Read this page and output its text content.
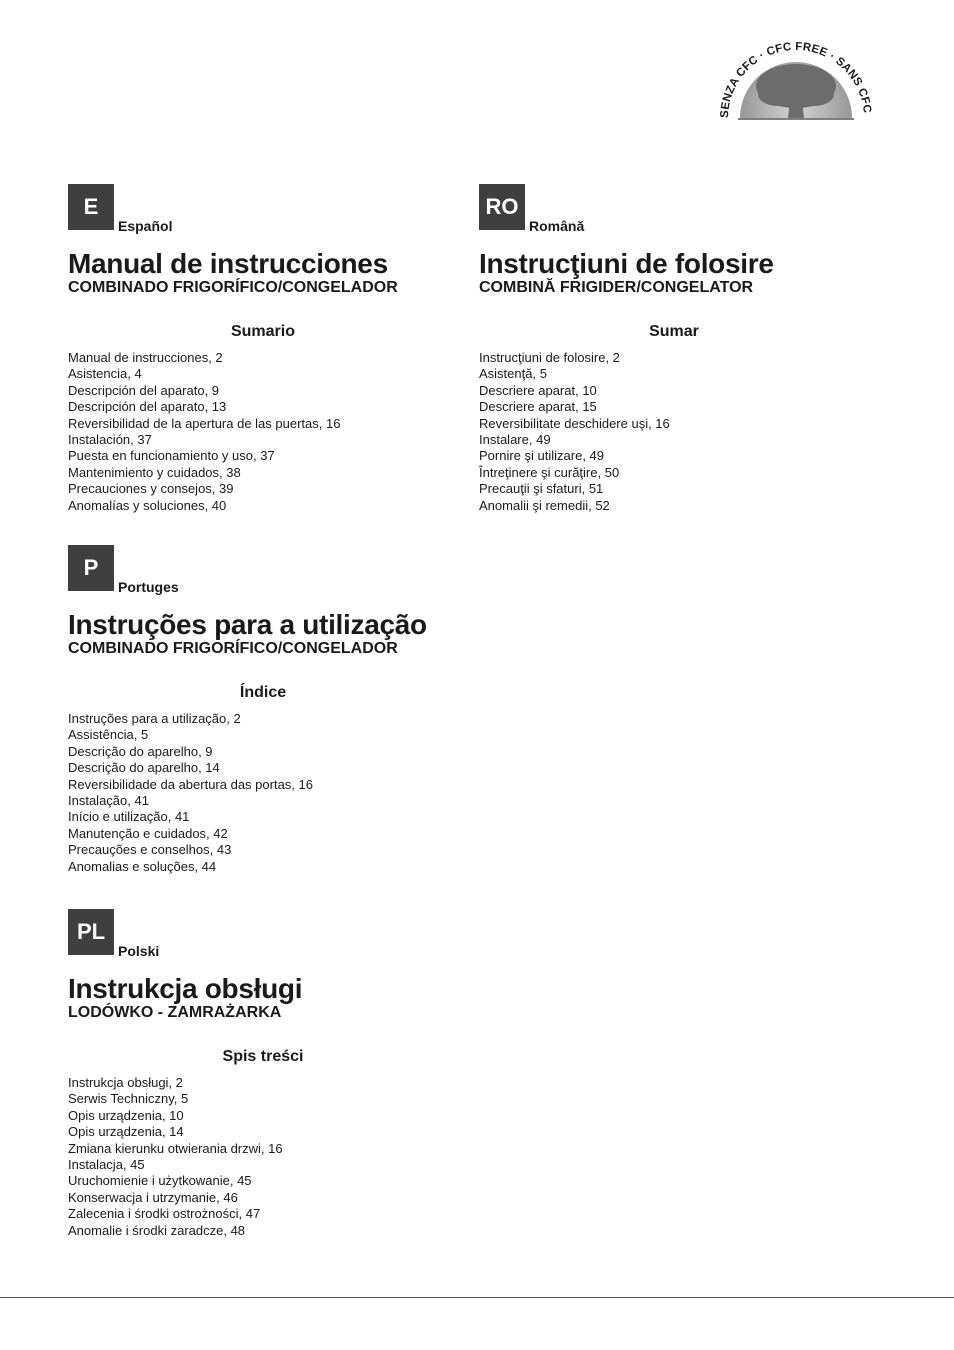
SENZA CFC · CFC FREE · SANS CFC
E
Español
Manual de instrucciones
COMBINADO FRIGORÍFICO/CONGELADOR
Sumario
Manual de instrucciones, 2
Asistencia, 4
Descripción del aparato, 9
Descripción del aparato, 13
Reversibilidad de la apertura de las puertas, 16
Instalación, 37
Puesta en funcionamiento y uso, 37
Mantenimiento y cuidados, 38
Precauciones y consejos, 39
Anomalías y soluciones, 40
RO
Română
Instrucţiuni de folosire
COMBINĂ FRIGIDER/CONGELATOR
Sumar
Instrucţiuni de folosire, 2
Asistenţă, 5
Descriere aparat, 10
Descriere aparat, 15
Reversibilitate deschidere uşi, 16
Instalare, 49
Pornire şi utilizare, 49
Întreţinere şi curăţire, 50
Precauţii şi sfaturi, 51
Anomalii şi remedii, 52
P
Portuges
Instruções para a utilização
COMBINADO FRIGORÍFICO/CONGELADOR
Índice
Instruções para a utilização, 2
Assistência, 5
Descrição do aparelho, 9
Descrição do aparelho, 14
Reversibilidade da abertura das portas, 16
Instalação, 41
Início e utilização, 41
Manutenção e cuidados, 42
Precauções e conselhos, 43
Anomalias e soluções, 44
PL
Polski
Instrukcja obsługi
LODÓWKO - ZAMRAŻARKA
Spis treści
Instrukcja obsługi, 2
Serwis Techniczny, 5
Opis urządzenia, 10
Opis urządzenia, 14
Zmiana kierunku otwierania drzwi, 16
Instalacja, 45
Uruchomienie i użytkowanie, 45
Konserwacja i utrzymanie, 46
Zalecenia i środki ostrożności, 47
Anomalie i środki zaradcze, 48
